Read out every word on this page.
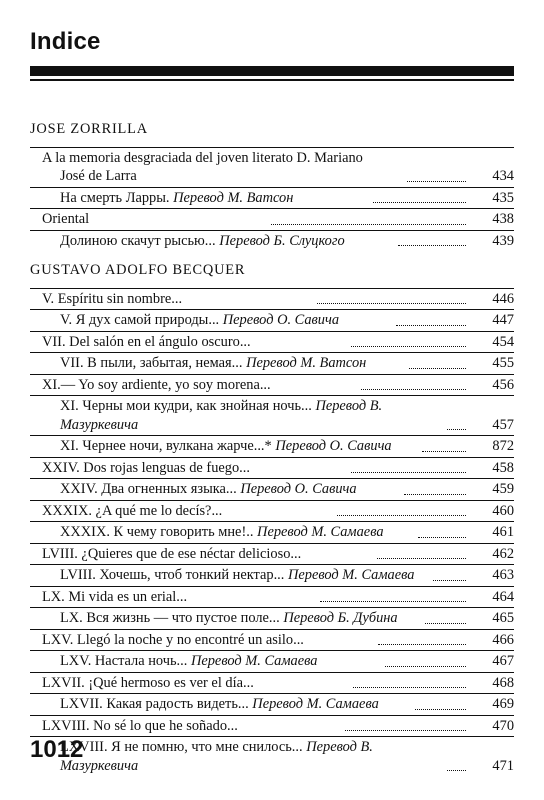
Indice
JOSE ZORRILLA
A la memoria desgraciada del joven literato D. Mariano
José de Larra	434
На смерть Ларры. Перевод М. Ватсон	435
Oriental	438
Долиною скачут рысью... Перевод Б. Слуцкого	439
GUSTAVO ADOLFO BECQUER
V. Espíritu sin nombre...	446
V. Я дух самой природы... Перевод О. Савича	447
VII. Del salón en el ángulo oscuro...	454
VII. В пыли, забытая, немая... Перевод М. Ватсон	455
XI.— Yo soy ardiente, yo soy morena...	456
XI. Черны мои кудри, как знойная ночь... Перевод В. Мазуркевича	457
XI. Чернее ночи, вулкана жарче...* Перевод О. Савича	872
XXIV. Dos rojas lenguas de fuego...	458
XXIV. Два огненных языка... Перевод О. Савича	459
XXXIX. ¿A qué me lo decís?...	460
XXXIX. К чему говорить мне!.. Перевод М. Самаева	461
LVIII. ¿Quieres que de ese néctar delicioso...	462
LVIII. Хочешь, чтоб тонкий нектар... Перевод М. Самаева	463
LX. Mi vida es un erial...	464
LX. Вся жизнь — что пустое поле... Перевод Б. Дубина	465
LXV. Llegó la noche y no encontré un asilo...	466
LXV. Настала ночь... Перевод М. Самаева	467
LXVII. ¡Qué hermoso es ver el día...	468
LXVII. Какая радость видеть... Перевод М. Самаева	469
LXVIII. No sé lo que he soñado...	470
LXVIII. Я не помню, что мне снилось... Перевод В. Мазуркевича	471
1012
